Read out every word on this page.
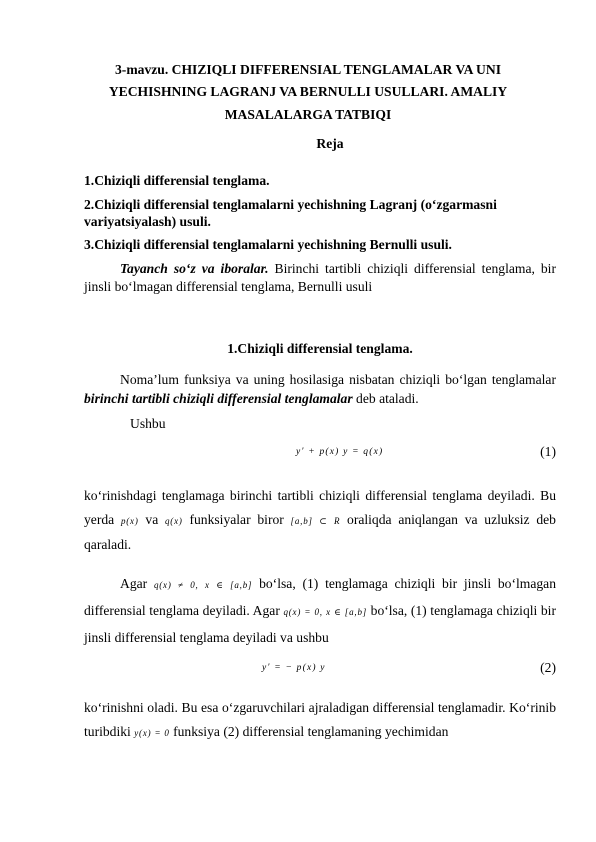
3-mavzu. CHIZIQLI DIFFERENSIAL TENGLAMALAR VA UNI
YECHISHNING LAGRANJ VA BERNULLI USULLARI. AMALIY
MASALALARGA TATBIQI
Reja
1.Chiziqli differensial tenglama.
2.Chiziqli differensial tenglamalarni yechishning Lagranj (o‘zgarmasni
variyatsiyalash) usuli.
3.Chiziqli differensial tenglamalarni yechishning Bernulli usuli.
Tayanch so‘z va iboralar. Birinchi tartibli chiziqli differensial tenglama, bir jinsli bo‘lmagan differensial tenglama, Bernulli usuli
1.Chiziqli differensial tenglama.
Noma’lum funksiya va uning hosilasiga nisbatan chiziqli bo‘lgan tenglamalar birinchi tartibli chiziqli differensial tenglamalar deb ataladi.
Ushbu
y′ + p(x) y = q(x)	(1)
ko‘rinishdagi tenglamaga birinchi tartibli chiziqli differensial tenglama deyiladi. Bu yerda p(x) va q(x) funksiyalar biror [a,b] ⊂ R oraliqda aniqlangan va uzluksiz deb qaraladi.
Agar q(x) ≠ 0, x ∈ [a,b] bo‘lsa, (1) tenglamaga chiziqli bir jinsli bo‘lmagan differensial tenglama deyiladi. Agar q(x) = 0, x ∈ [a,b] bo‘lsa, (1) tenglamaga chiziqli bir jinsli differensial tenglama deyiladi va ushbu
y′ = − p(x) y	(2)
ko‘rinishni oladi. Bu esa o‘zgaruvchilari ajraladigan differensial tenglamadir. Ko‘rinib turibdiki y(x) = 0 funksiya (2) differensial tenglamaning yechimidan
